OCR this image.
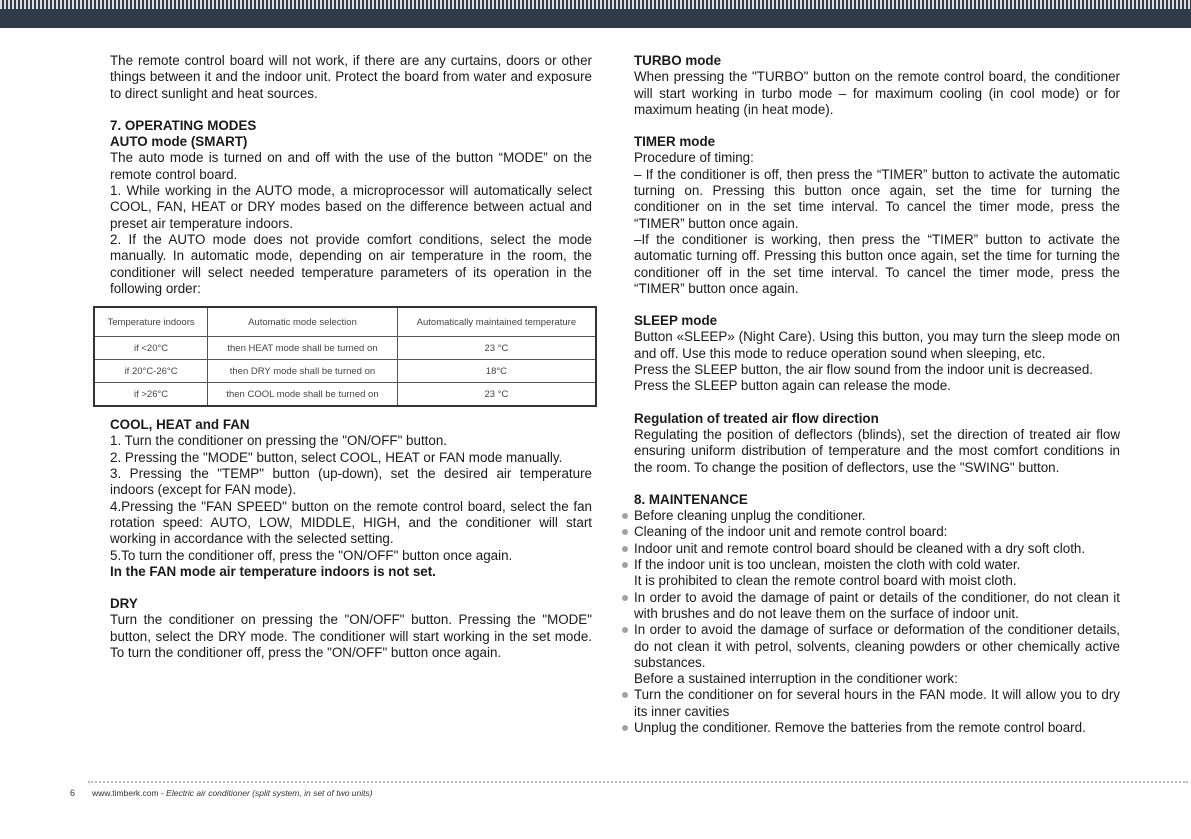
The remote control board will not work, if there are any curtains, doors or other things between it and the indoor unit. Protect the board from water and exposure to direct sunlight and heat sources.

7. OPERATING MODES

AUTO mode (SMART)

The auto mode is turned on and off with the use of the button “MODE” on the remote control board.

1. While working in the AUTO mode, a microprocessor will automatically select COOL, FAN, HEAT or DRY modes based on the difference between actual and preset air temperature indoors.

2. If the AUTO mode does not provide comfort conditions, select the mode manually. In automatic mode, depending on air temperature in the room, the conditioner will select needed temperature parameters of its operation in the following order:

Temperature indoors	Automatic mode selection	Automatically maintained temperature
if <20°C	then HEAT mode shall be turned on	23 °C
if 20°C-26°C	then DRY mode shall be turned on	18°C
if >26°C	then COOL mode shall be turned on	23 °C

COOL, HEAT and FAN

1. Turn the conditioner on pressing the "ON/OFF" button.

2. Pressing the "MODE" button, select COOL, HEAT or FAN mode manually.

3. Pressing the "TEMP" button (up-down), set the desired air temperature indoors (except for FAN mode).

4.Pressing the "FAN SPEED" button on the remote control board, select the fan rotation speed: AUTO, LOW, MIDDLE, HIGH, and the conditioner will start working in accordance with the selected setting.

5.To turn the conditioner off, press the "ON/OFF" button once again.

In the FAN mode air temperature indoors is not set.

DRY

Turn the conditioner on pressing the "ON/OFF" button. Pressing the "MODE" button, select the DRY mode. The conditioner will start working in the set mode. To turn the conditioner off, press the "ON/OFF" button once again.

TURBO mode

When pressing the "TURBO" button on the remote control board, the conditioner will start working in turbo mode – for maximum cooling (in cool mode) or for maximum heating (in heat mode).

TIMER mode

Procedure of timing:

– If the conditioner is off, then press the “TIMER” button to activate the automatic turning on. Pressing this button once again, set the time for turning the conditioner on in the set time interval. To cancel the timer mode, press the “TIMER” button once again.

–If the conditioner is working, then press the “TIMER” button to activate the automatic turning off. Pressing this button once again, set the time for turning the conditioner off in the set time interval. To cancel the timer mode, press the “TIMER” button once again.

SLEEP mode

Button «SLEEP» (Night Care). Using this button, you may turn the sleep mode on and off. Use this mode to reduce operation sound when sleeping, etc.

Press the SLEEP button, the air flow sound from the indoor unit is decreased.

Press the SLEEP button again can release the mode.

Regulation of treated air flow direction

Regulating the position of deflectors (blinds), set the direction of treated air flow ensuring uniform distribution of temperature and the most comfort conditions in the room. To change the position of deflectors, use the "SWING" button.

8. MAINTENANCE

Before cleaning unplug the conditioner.
Cleaning of the indoor unit and remote control board:
Indoor unit and remote control board should be cleaned with a dry soft cloth.
If the indoor unit is too unclean, moisten the cloth with cold water.
It is prohibited to clean the remote control board with moist cloth.
In order to avoid the damage of paint or details of the conditioner, do not clean it with brushes and do not leave them on the surface of indoor unit.
In order to avoid the damage of surface or deformation of the conditioner details, do not clean it with petrol, solvents, cleaning powders or other chemically active substances.
Before a sustained interruption in the conditioner work:
Turn the conditioner on for several hours in the FAN mode. It will allow you to dry its inner cavities
Unplug the conditioner. Remove the batteries from the remote control board.
6 www.timberk.com - Electric air conditioner (split system, in set of two units)
